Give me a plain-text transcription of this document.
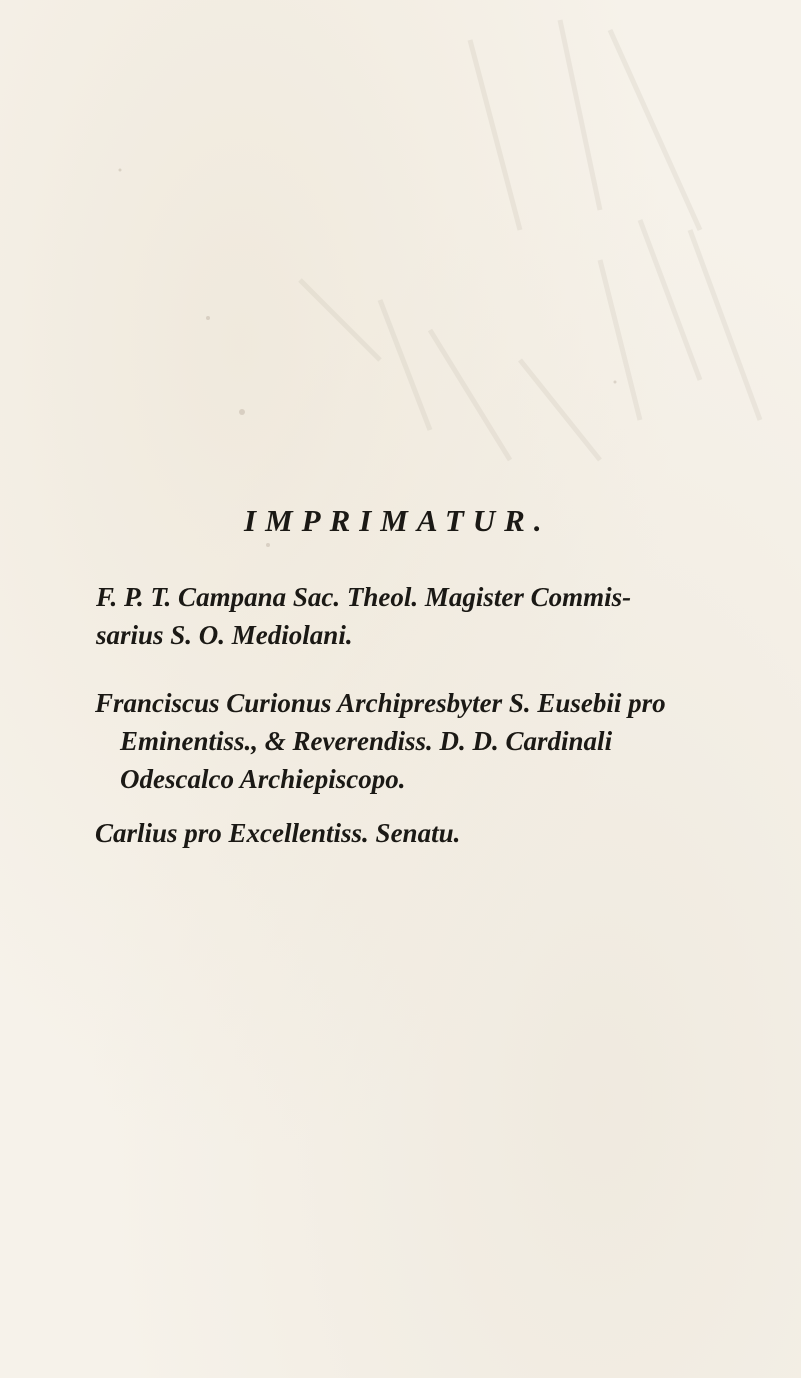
IMPRIMATUR.

F. P. T. Campana Sac. Theol. Magister Commis-
sarius S. O. Mediolani.

Franciscus Curionus Archipresbyter S. Eusebii pro
Eminentiss., & Reverendiss. D. D. Cardinali
Odescalco Archiepiscopo.

Carlius pro Excellentiss. Senatu.
